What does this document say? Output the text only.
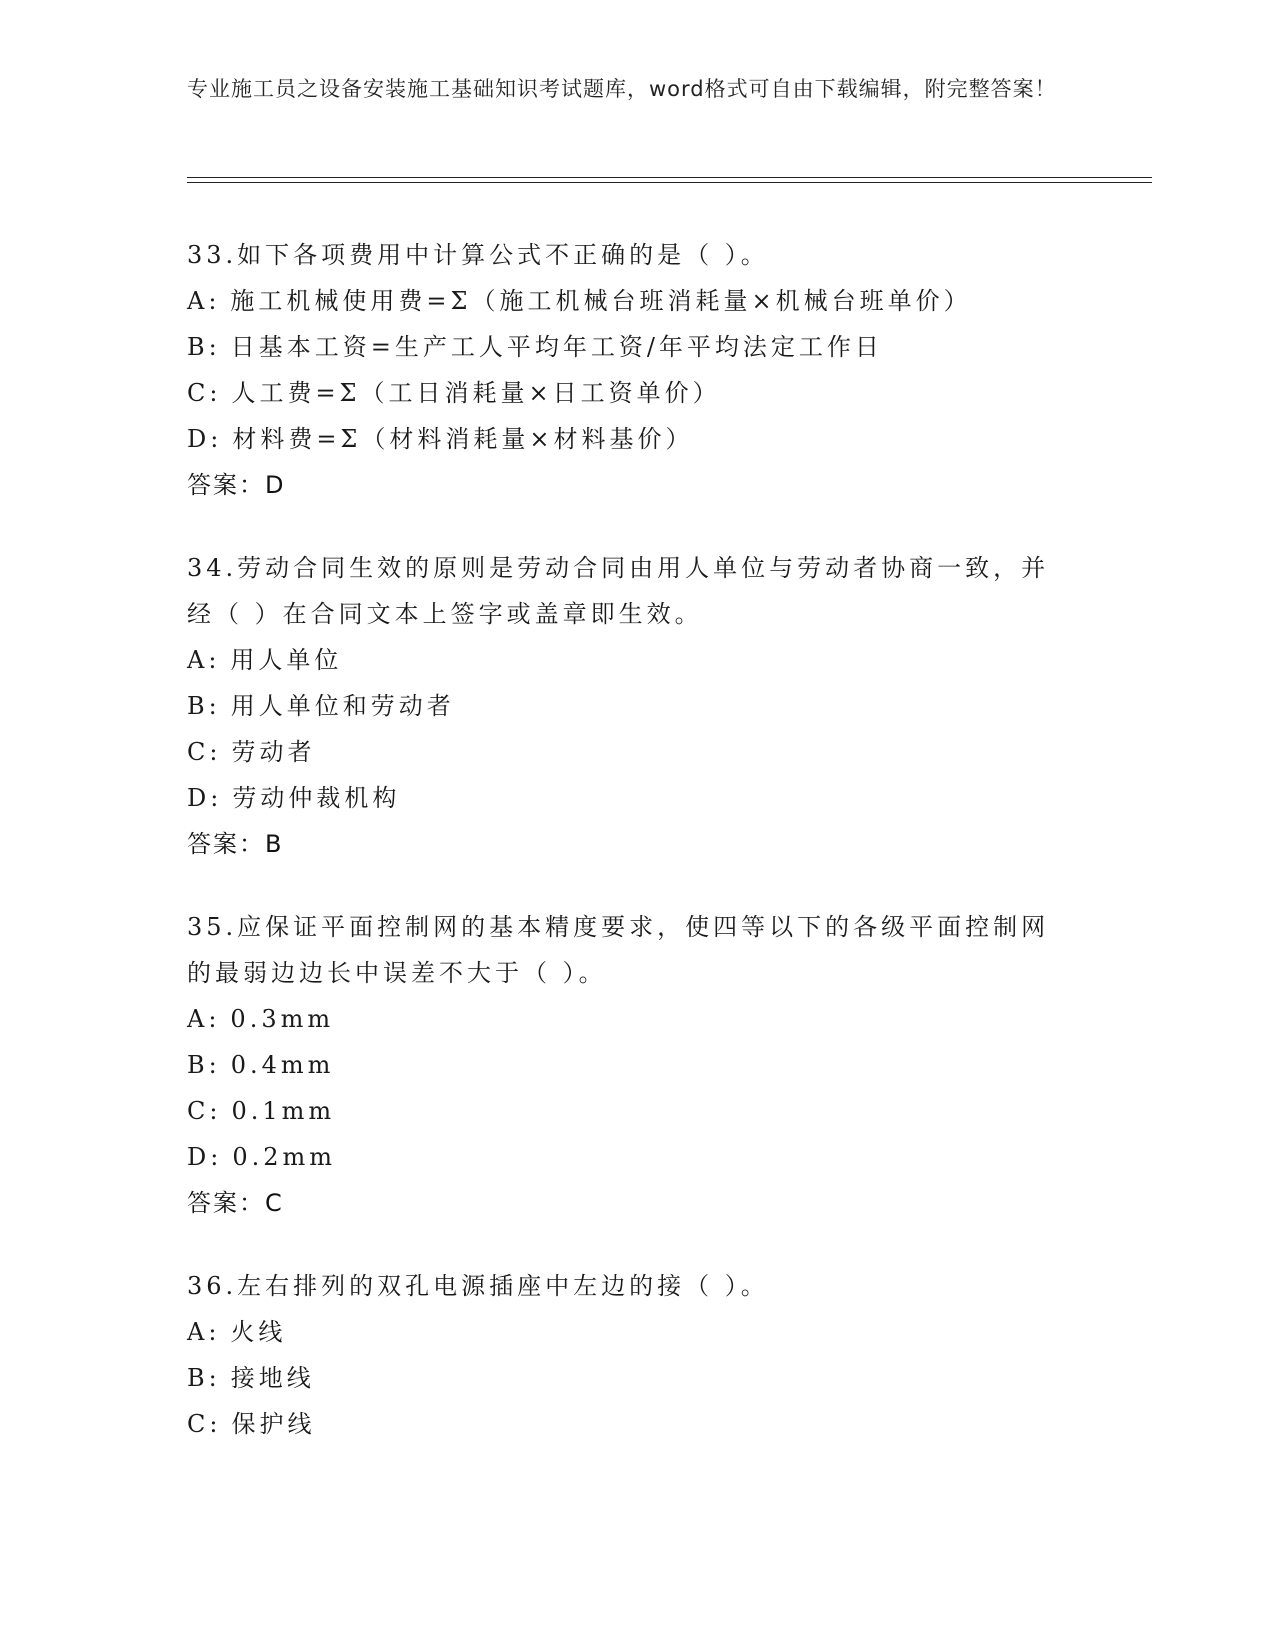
专业施工员之设备安装施工基础知识考试题库，word格式可自由下载编辑，附完整答案！

33.如下各项费用中计算公式不正确的是（ ）。

A: 施工机械使用费=Σ（施工机械台班消耗量×机械台班单价）

B: 日基本工资=生产工人平均年工资/年平均法定工作日

C: 人工费=Σ（工日消耗量×日工资单价）

D: 材料费=Σ（材料消耗量×材料基价）

答案：D

34.劳动合同生效的原则是劳动合同由用人单位与劳动者协商一致，并经（ ）在合同文本上签字或盖章即生效。

A: 用人单位

B: 用人单位和劳动者

C: 劳动者

D: 劳动仲裁机构

答案：B

35.应保证平面控制网的基本精度要求，使四等以下的各级平面控制网的最弱边边长中误差不大于（ ）。

A: 0.3mm

B: 0.4mm

C: 0.1mm

D: 0.2mm

答案：C

36.左右排列的双孔电源插座中左边的接（ ）。

A: 火线

B: 接地线

C: 保护线
